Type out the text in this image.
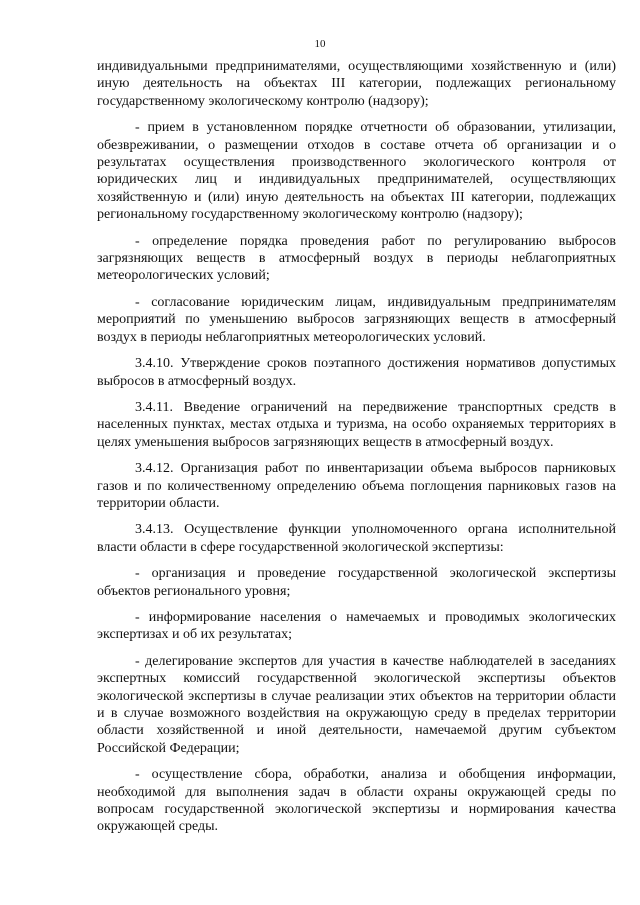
10

индивидуальными предпринимателями, осуществляющими хозяйственную и (или) иную деятельность на объектах III категории, подлежащих региональному государственному экологическому контролю (надзору);

- прием в установленном порядке отчетности об образовании, утилизации, обезвреживании, о размещении отходов в составе отчета об организации и о результатах осуществления производственного экологического контроля от юридических лиц и индивидуальных предпринимателей, осуществляющих хозяйственную и (или) иную деятельность на объектах III категории, подлежащих региональному государственному экологическому контролю (надзору);

- определение порядка проведения работ по регулированию выбросов загрязняющих веществ в атмосферный воздух в периоды неблагоприятных метеорологических условий;

- согласование юридическим лицам, индивидуальным предпринимателям мероприятий по уменьшению выбросов загрязняющих веществ в атмосферный воздух в периоды неблагоприятных метеорологических условий.

3.4.10. Утверждение сроков поэтапного достижения нормативов допустимых выбросов в атмосферный воздух.

3.4.11. Введение ограничений на передвижение транспортных средств в населенных пунктах, местах отдыха и туризма, на особо охраняемых территориях в целях уменьшения выбросов загрязняющих веществ в атмосферный воздух.

3.4.12. Организация работ по инвентаризации объема выбросов парниковых газов и по количественному определению объема поглощения парниковых газов на территории области.

3.4.13. Осуществление функции уполномоченного органа исполнительной власти области в сфере государственной экологической экспертизы:

- организация и проведение государственной экологической экспертизы объектов регионального уровня;

- информирование населения о намечаемых и проводимых экологических экспертизах и об их результатах;

- делегирование экспертов для участия в качестве наблюдателей в заседаниях экспертных комиссий государственной экологической экспертизы объектов экологической экспертизы в случае реализации этих объектов на территории области и в случае возможного воздействия на окружающую среду в пределах территории области хозяйственной и иной деятельности, намечаемой другим субъектом Российской Федерации;

- осуществление сбора, обработки, анализа и обобщения информации, необходимой для выполнения задач в области охраны окружающей среды по вопросам государственной экологической экспертизы и нормирования качества окружающей среды.
